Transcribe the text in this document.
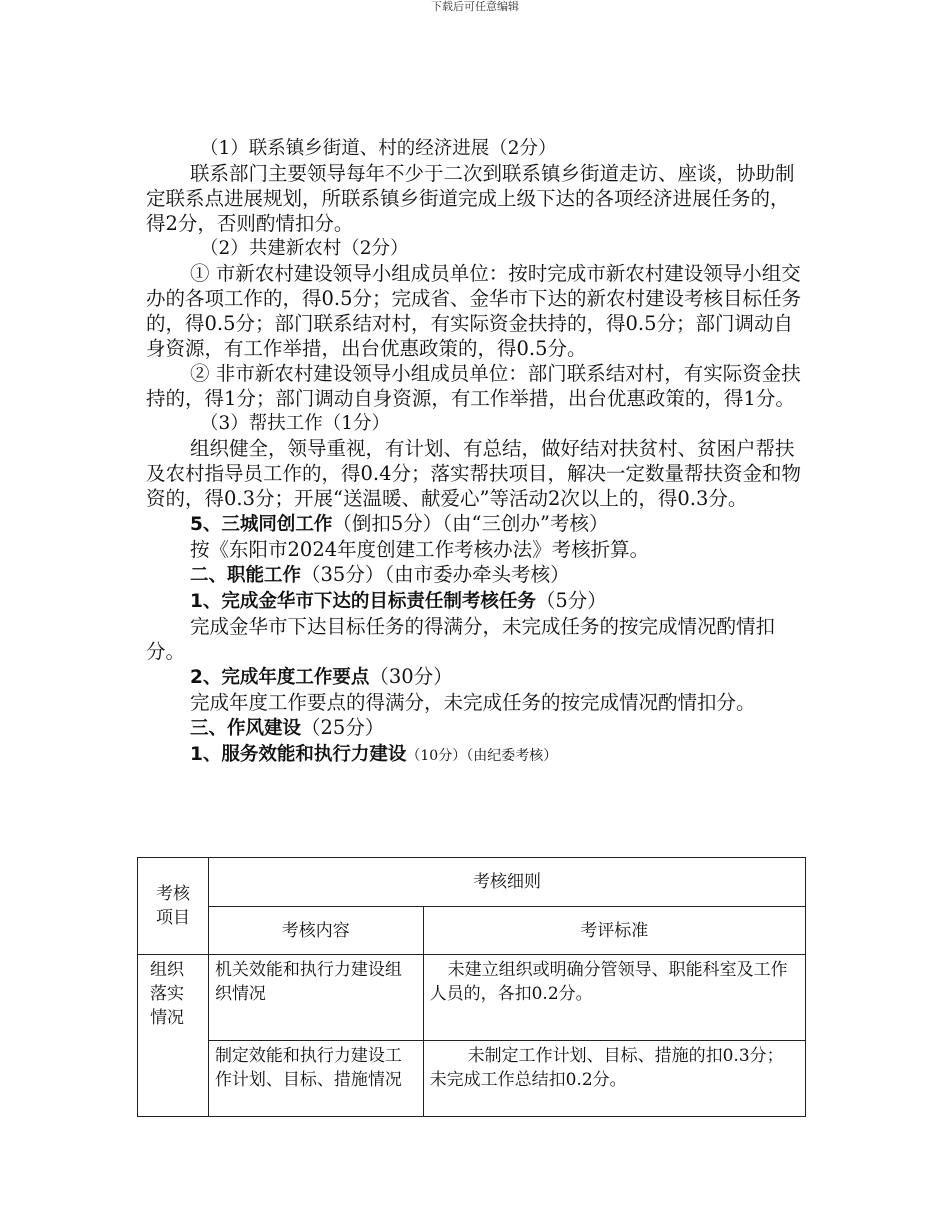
下载后可任意编辑

（1）联系镇乡街道、村的经济进展（2分）

联系部门主要领导每年不少于二次到联系镇乡街道走访、座谈，协助制定联系点进展规划，所联系镇乡街道完成上级下达的各项经济进展任务的，得2分，否则酌情扣分。

（2）共建新农村（2分）

① 市新农村建设领导小组成员单位：按时完成市新农村建设领导小组交办的各项工作的，得0.5分；完成省、金华市下达的新农村建设考核目标任务的，得0.5分；部门联系结对村，有实际资金扶持的，得0.5分；部门调动自身资源，有工作举措，出台优惠政策的，得0.5分。

② 非市新农村建设领导小组成员单位：部门联系结对村，有实际资金扶持的，得1分；部门调动自身资源，有工作举措，出台优惠政策的，得1分。

（3）帮扶工作（1分）

组织健全，领导重视，有计划、有总结，做好结对扶贫村、贫困户帮扶及农村指导员工作的，得0.4分；落实帮扶项目，解决一定数量帮扶资金和物资的，得0.3分；开展“送温暖、献爱心”等活动2次以上的，得0.3分。

5、三城同创工作（倒扣5分）（由“三创办”考核）

按《东阳市2024年度创建工作考核办法》考核折算。

二、职能工作（35分）（由市委办牵头考核）

1、完成金华市下达的目标责任制考核任务（5分）

完成金华市下达目标任务的得满分，未完成任务的按完成情况酌情扣分。

2、完成年度工作要点（30分）

完成年度工作要点的得满分，未完成任务的按完成情况酌情扣分。

三、作风建设（25分）

1、服务效能和执行力建设（10分）（由纪委考核）

考核项目	考核细则	
	考核内容	考评标准
组织落实情况	机关效能和执行力建设组织情况	未建立组织或明确分管领导、职能科室及工作人员的，各扣0.2分。
	制定效能和执行力建设工作计划、目标、措施情况	未制定工作计划、目标、措施的扣0.3分；未完成工作总结扣0.2分。
